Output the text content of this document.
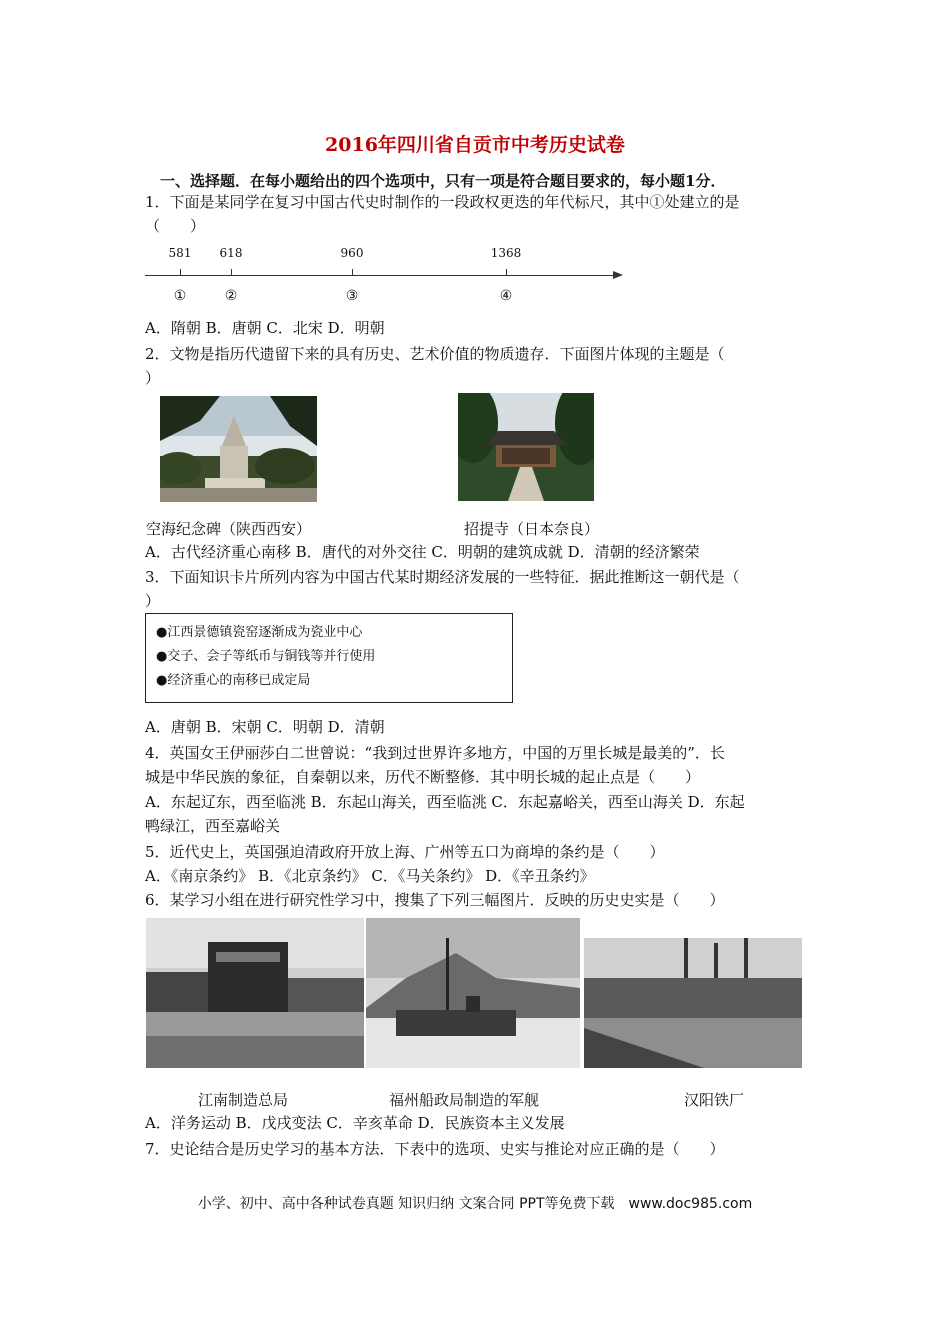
2016年四川省自贡市中考历史试卷
一、选择题．在每小题给出的四个选项中，只有一项是符合题目要求的，每小题1分．
1．下面是某同学在复习中国古代史时制作的一段政权更迭的年代标尺，其中①处建立的是
（　　）
581 618	960	1368
①	②	③	④
A．隋朝 B．唐朝 C．北宋 D．明朝
2．文物是指历代遗留下来的具有历史、艺术价值的物质遗存．下面图片体现的主题是（
）
空海纪念碑（陕西西安）	招提寺（日本奈良）
A．古代经济重心南移 B．唐代的对外交往 C．明朝的建筑成就 D．清朝的经济繁荣
3．下面知识卡片所列内容为中国古代某时期经济发展的一些特征．据此推断这一朝代是（
）
●江西景德镇瓷窑逐渐成为瓷业中心
●交子、会子等纸币与铜钱等并行使用
●经济重心的南移已成定局
A．唐朝 B．宋朝 C．明朝 D．清朝
4．英国女王伊丽莎白二世曾说：“我到过世界许多地方，中国的万里长城是最美的”．长
城是中华民族的象征，自秦朝以来，历代不断整修．其中明长城的起止点是（　　）
A．东起辽东，西至临洮 B．东起山海关，西至临洮 C．东起嘉峪关，西至山海关 D．东起
鸭绿江，西至嘉峪关
5．近代史上，英国强迫清政府开放上海、广州等五口为商埠的条约是（　　）
A．《南京条约》 B．《北京条约》 C．《马关条约》 D．《辛丑条约》
6．某学习小组在进行研究性学习中，搜集了下列三幅图片．反映的历史史实是（　　）
江南制造总局	福州船政局制造的军舰	汉阳铁厂
A．洋务运动 B．戊戌变法 C．辛亥革命 D．民族资本主义发展
7．史论结合是历史学习的基本方法．下表中的选项、史实与推论对应正确的是（　　）
小学、初中、高中各种试卷真题 知识归纳 文案合同 PPT等免费下载　www.doc985.com
